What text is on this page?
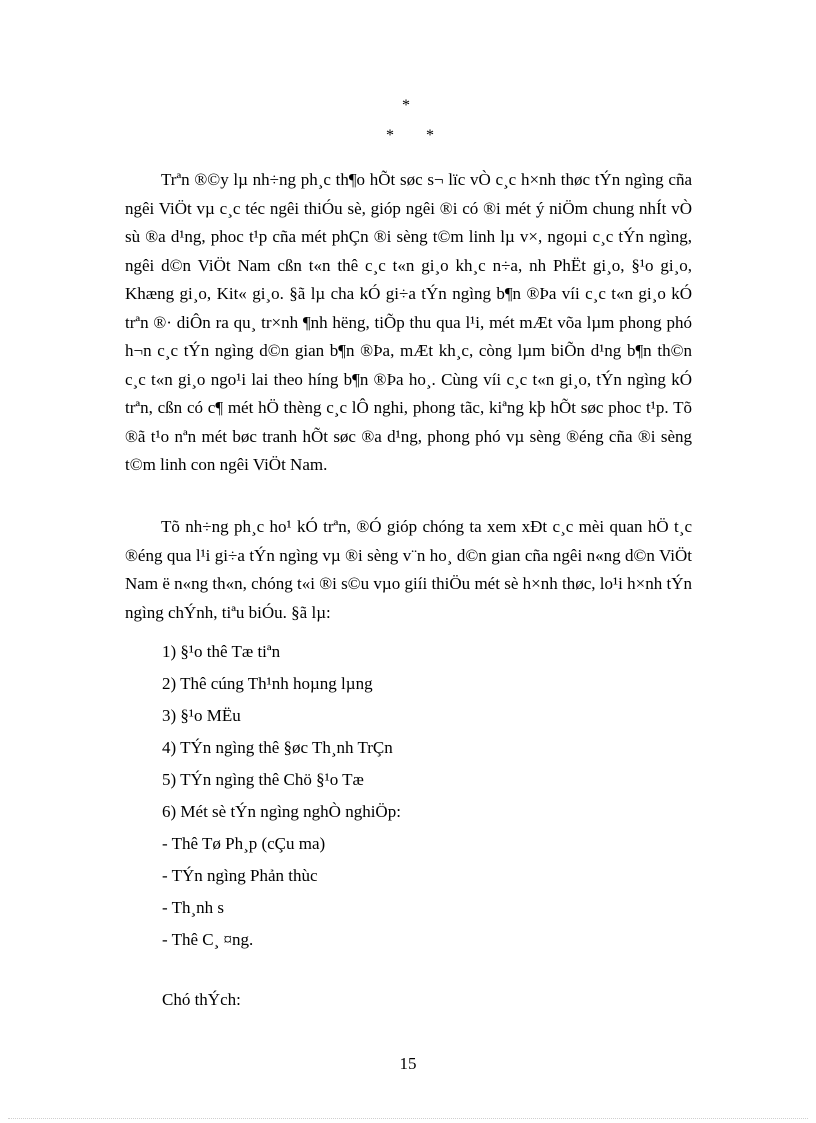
*
* *

Trªn ®©y lµ nh÷ng ph¸c th¶o hÕt søc s¬ lïc vÒ c¸c h×nh thøc tÝn ngìng cña ngêi ViÖt vµ c¸c téc ngêi thiÓu sè, gióp ngêi ®i có ®i mét ý niÖm chung nhÍt vÒ sù ®a d¹ng, phoc t¹p cña mét phÇn ®i sèng t©m linh lµ v×, ngoµi c¸c tÝn ngìng, ngêi d©n ViÖt Nam cßn t«n thê c¸c t«n gi¸o kh¸c n÷a, nh PhËt gi¸o, §¹o gi¸o, Khæng gi¸o, Kit« gi¸o. §ã lµ cha kÓ gi÷a tÝn ngìng b¶n ®Þa víi c¸c t«n gi¸o kÓ trªn ®· diÔn ra qu¸ tr×nh ¶nh hëng, tiÕp thu qua l¹i, mét mÆt võa lµm phong phó h¬n c¸c tÝn ngìng d©n gian b¶n ®Þa, mÆt kh¸c, còng lµm biÕn d¹ng b¶n th©n c¸c t«n gi¸o ngo¹i lai theo híng b¶n ®Þa ho¸. Cùng víi c¸c t«n gi¸o, tÝn ngìng kÓ trªn, cßn có c¶ mét hÖ thèng c¸c lÔ nghi, phong tãc, kiªng kþ hÕt søc phoc t¹p. Tõ ®ã t¹o nªn mét bøc tranh hÕt søc ®a d¹ng, phong phó vµ sèng ®éng cña ®i sèng t©m linh con ngêi ViÖt Nam.

Tõ nh÷ng ph¸c ho¹ kÓ trªn, ®Ó gióp chóng ta xem xÐt c¸c mèi quan hÖ t¸c ®éng qua l¹i gi÷a tÝn ngìng vµ ®i sèng v¨n ho¸ d©n gian cña ngêi n«ng d©n ViÖt Nam ë n«ng th«n, chóng t«i ®i s©u vµo giíi thiÖu mét sè h×nh thøc, lo¹i h×nh tÝn ngìng chÝnh, tiªu biÓu. §ã lµ:

1) §¹o thê Tæ tiªn
2) Thê cúng Th¹nh hoµng lµng
3) §¹o MËu
4) TÝn ngìng thê §øc Th¸nh TrÇn
5) TÝn ngìng thê Chö §¹o Tæ
6) Mét sè tÝn ngìng nghÒ nghiÖp:
- Thê Tø Ph¸p (cÇu ma)
- TÝn ngìng Phản thùc
- Th¸nh s
- Thê C¸ ¤ng.
Chó thÝch:
15
